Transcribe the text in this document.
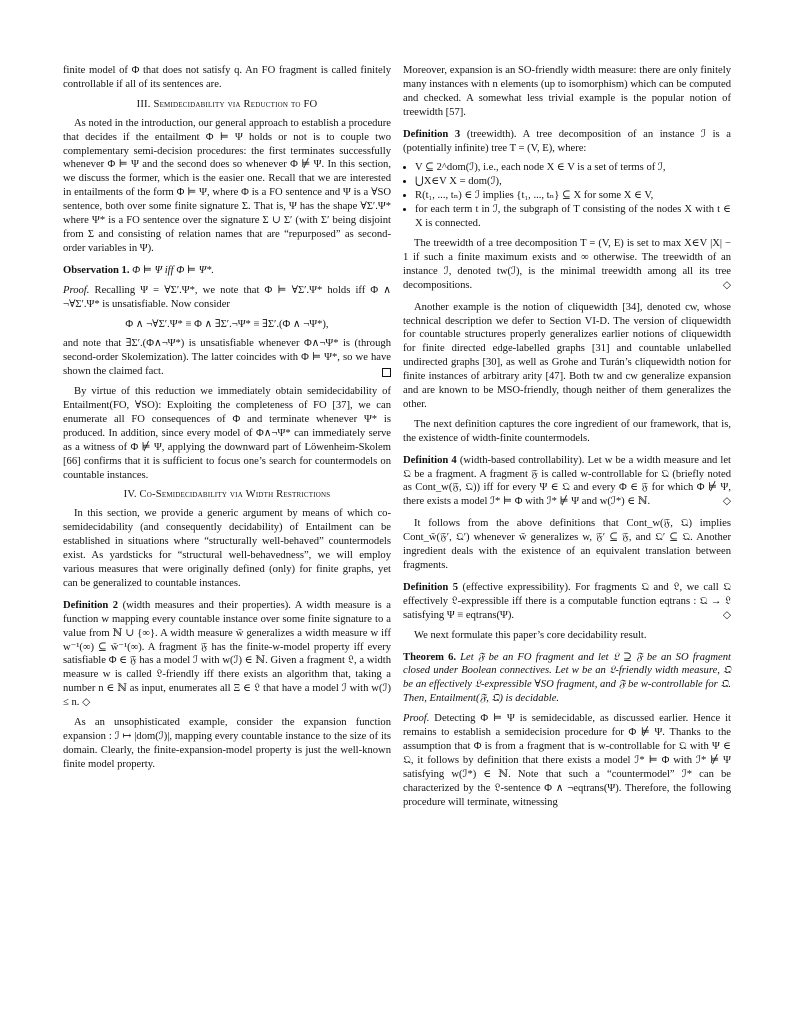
finite model of Φ that does not satisfy q. An FO fragment is called finitely controllable if all of its sentences are.

III. Semidecidability via Reduction to FO

As noted in the introduction, our general approach to establish a procedure that decides if the entailment Φ ⊨ Ψ holds or not is to couple two complementary semi-decision procedures: the first terminates successfully whenever Φ ⊨ Ψ and the second does so whenever Φ ⊭ Ψ. In this section, we discuss the former, which is the easier one. Recall that we are interested in entailments of the form Φ ⊨ Ψ, where Φ is a FO sentence and Ψ is a ∀SO sentence, both over some finite signature Σ. That is, Ψ has the shape ∀Σ′.Ψ* where Ψ* is a FO sentence over the signature Σ ∪ Σ′ (with Σ′ being disjoint from Σ and consisting of relation names that are “repurposed” as second-order variables in Ψ).

Observation 1. Φ ⊨ Ψ iff Φ ⊨ Ψ*.

Proof. Recalling Ψ = ∀Σ′.Ψ*, we note that Φ ⊨ ∀Σ′.Ψ* holds iff Φ ∧ ¬∀Σ′.Ψ* is unsatisfiable. Now consider

Φ ∧ ¬∀Σ′.Ψ* ≡ Φ ∧ ∃Σ′.¬Ψ* ≡ ∃Σ′.(Φ ∧ ¬Ψ*),

and note that ∃Σ′.(Φ∧¬Ψ*) is unsatisfiable whenever Φ∧¬Ψ* is (through second-order Skolemization). The latter coincides with Φ ⊨ Ψ*, so we have shown the claimed fact.

By virtue of this reduction we immediately obtain semidecidability of Entailment(FO, ∀SO): Exploiting the completeness of FO [37], we can enumerate all FO consequences of Φ and terminate whenever Ψ* is produced. In addition, since every model of Φ∧¬Ψ* can immediately serve as a witness of Φ ⊭ Ψ, applying the downward part of Löwenheim-Skolem [66] confirms that it is sufficient to focus one’s search for countermodels on countable instances.

IV. Co-Semidecidability via Width Restrictions

In this section, we provide a generic argument by means of which co-semidecidability (and consequently decidability) of Entailment can be established in situations where “structurally well-behaved” countermodels exist. As yardsticks for “structural well-behavedness”, we will employ various measures that were originally defined (only) for finite graphs, yet can be generalized to countable instances.

Definition 2 (width measures and their properties). A width measure is a function w mapping every countable instance over some finite signature to a value from ℕ ∪ {∞}. A width measure w̃ generalizes a width measure w iff w⁻¹(∞) ⊆ w̃⁻¹(∞). A fragment 𝔉 has the finite-w-model property iff every satisfiable Φ ∈ 𝔉 has a model ℐ with w(ℐ) ∈ ℕ. Given a fragment 𝔏, a width measure w is called 𝔏-friendly iff there exists an algorithm that, taking a number n ∈ ℕ as input, enumerates all Ξ ∈ 𝔏 that have a model ℐ with w(ℐ) ≤ n. ◇

As an unsophisticated example, consider the expansion function expansion : ℐ ↦ |dom(ℐ)|, mapping every countable instance to the size of its domain. Clearly, the finite-expansion-model property is just the well-known finite model property.

Moreover, expansion is an SO-friendly width measure: there are only finitely many instances with n elements (up to isomorphism) which can be computed and checked. A somewhat less trivial example is the popular notion of treewidth [57].

Definition 3 (treewidth). A tree decomposition of an instance ℐ is a (potentially infinite) tree T = (V, E), where:

• V ⊆ 2^dom(ℐ), i.e., each node X ∈ V is a set of terms of ℐ,
• ⋃X∈V X = dom(ℐ),
• R(t₁, ..., tₙ) ∈ ℐ implies {t₁, ..., tₙ} ⊆ X for some X ∈ V,
• for each term t in ℐ, the subgraph of T consisting of the nodes X with t ∈ X is connected.

The treewidth of a tree decomposition T = (V, E) is set to max X∈V |X| − 1 if such a finite maximum exists and ∞ otherwise. The treewidth of an instance ℐ, denoted tw(ℐ), is the minimal treewidth among all its tree decompositions.	◇

Another example is the notion of cliquewidth [34], denoted cw, whose technical description we defer to Section VI-D. The version of cliquewidth for countable structures properly generalizes earlier notions of cliquewidth for finite directed edge-labelled graphs [31] and countable unlabelled undirected graphs [30], as well as Grohe and Turán’s cliquewidth notion for finite instances of arbitrary arity [47]. Both tw and cw generalize expansion and are known to be MSO-friendly, though neither of them generalizes the other.

The next definition captures the core ingredient of our framework, that is, the existence of width-finite countermodels.

Definition 4 (width-based controllability). Let w be a width measure and let 𝔔 be a fragment. A fragment 𝔉 is called w-controllable for 𝔔 (briefly noted as Cont_w(𝔉, 𝔔)) iff for every Ψ ∈ 𝔔 and every Φ ∈ 𝔉 for which Φ ⊭ Ψ, there exists a model ℐ* ⊨ Φ with ℐ* ⊭ Ψ and w(ℐ*) ∈ ℕ.	◇

It follows from the above definitions that Cont_w(𝔉, 𝔔) implies Cont_w̃(𝔉′, 𝔔′) whenever w̃ generalizes w, 𝔉′ ⊆ 𝔉, and 𝔔′ ⊆ 𝔔. Another ingredient deals with the existence of an equivalent translation between fragments.

Definition 5 (effective expressibility). For fragments 𝔔 and 𝔏, we call 𝔔 effectively 𝔏-expressible iff there is a computable function eqtrans : 𝔔 → 𝔏 satisfying Ψ ≡ eqtrans(Ψ).	◇

We next formulate this paper’s core decidability result.

Theorem 6. Let 𝔉 be an FO fragment and let 𝔏 ⊇ 𝔉 be an SO fragment closed under Boolean connectives. Let w be an 𝔏-friendly width measure, 𝔔 be an effectively 𝔏-expressible ∀SO fragment, and 𝔉 be w-controllable for 𝔔. Then, Entailment(𝔉, 𝔔) is decidable.

Proof. Detecting Φ ⊨ Ψ is semidecidable, as discussed earlier. Hence it remains to establish a semidecision procedure for Φ ⊭ Ψ. Thanks to the assumption that Φ is from a fragment that is w-controllable for 𝔔 with Ψ ∈ 𝔔, it follows by definition that there exists a model ℐ* ⊨ Φ with ℐ* ⊭ Ψ satisfying w(ℐ*) ∈ ℕ. Note that such a “countermodel” ℐ* can be characterized by the 𝔏-sentence Φ ∧ ¬eqtrans(Ψ). Therefore, the following procedure will terminate, witnessing
